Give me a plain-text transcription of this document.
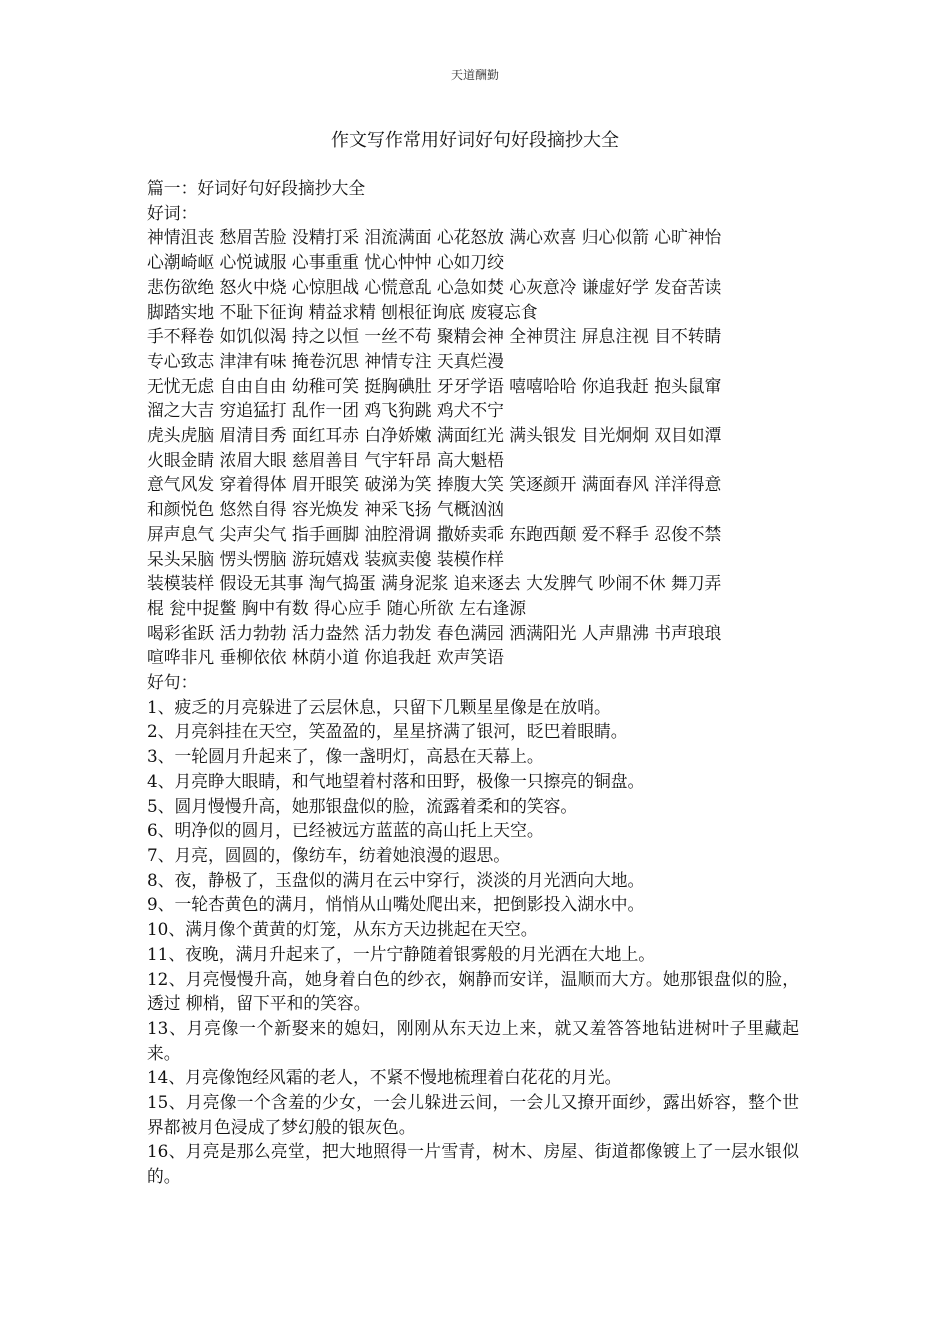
天道酬勤
作文写作常用好词好句好段摘抄大全
篇一：好词好句好段摘抄大全
好词：
神情沮丧 愁眉苦脸 没精打采 泪流满面 心花怒放 满心欢喜 归心似箭 心旷神怡
心潮崎岖 心悦诚服 心事重重 忧心忡忡 心如刀绞
悲伤欲绝 怒火中烧 心惊胆战 心慌意乱 心急如焚 心灰意冷 谦虚好学 发奋苦读
脚踏实地 不耻下征询 精益求精 刨根征询底 废寝忘食
手不释卷 如饥似渴 持之以恒 一丝不苟 聚精会神 全神贯注 屏息注视 目不转睛
专心致志 津津有味 掩卷沉思 神情专注 天真烂漫
无忧无虑 自由自由 幼稚可笑 挺胸碘肚 牙牙学语 嘻嘻哈哈 你追我赶 抱头鼠窜
溜之大吉 穷追猛打 乱作一团 鸡飞狗跳 鸡犬不宁
虎头虎脑 眉清目秀 面红耳赤 白净娇嫩 满面红光 满头银发 目光炯炯 双目如潭
火眼金睛 浓眉大眼 慈眉善目 气宇轩昂 高大魁梧
意气风发 穿着得体 眉开眼笑 破涕为笑 捧腹大笑 笑逐颜开 满面春风 洋洋得意
和颜悦色 悠然自得 容光焕发 神采飞扬 气概汹汹
屏声息气 尖声尖气 指手画脚 油腔滑调 撒娇卖乖 东跑西颠 爱不释手 忍俊不禁
呆头呆脑 愣头愣脑 游玩嬉戏 装疯卖傻 装模作样
装模装样 假设无其事 淘气捣蛋 满身泥浆 追来逐去 大发脾气 吵闹不休 舞刀弄
棍 瓮中捉鳖 胸中有数 得心应手 随心所欲 左右逢源
喝彩雀跃 活力勃勃 活力盎然 活力勃发 春色满园 洒满阳光 人声鼎沸 书声琅琅
喧哗非凡 垂柳依依 林荫小道 你追我赶 欢声笑语
好句：
1、疲乏的月亮躲进了云层休息，只留下几颗星星像是在放哨。
2、月亮斜挂在天空，笑盈盈的，星星挤满了银河，眨巴着眼睛。
3、一轮圆月升起来了，像一盏明灯，高悬在天幕上。
4、月亮睁大眼睛，和气地望着村落和田野，极像一只擦亮的铜盘。
5、圆月慢慢升高，她那银盘似的脸，流露着柔和的笑容。
6、明净似的圆月，已经被远方蓝蓝的高山托上天空。
7、月亮，圆圆的，像纺车，纺着她浪漫的遐思。
8、夜，静极了，玉盘似的满月在云中穿行，淡淡的月光洒向大地。
9、一轮杏黄色的满月，悄悄从山嘴处爬出来，把倒影投入湖水中。
10、满月像个黄黄的灯笼，从东方天边挑起在天空。
11、夜晚，满月升起来了，一片宁静随着银雾般的月光洒在大地上。
12、月亮慢慢升高，她身着白色的纱衣，娴静而安详，温顺而大方。她那银盘似的脸，透过 柳梢，留下平和的笑容。
13、月亮像一个新娶来的媳妇，刚刚从东天边上来，就又羞答答地钻进树叶子里藏起来。
14、月亮像饱经风霜的老人，不紧不慢地梳理着白花花的月光。
15、月亮像一个含羞的少女，一会儿躲进云间，一会儿又撩开面纱，露出娇容，整个世界都被月色浸成了梦幻般的银灰色。
16、月亮是那么亮堂，把大地照得一片雪青，树木、房屋、街道都像镀上了一层水银似的。
